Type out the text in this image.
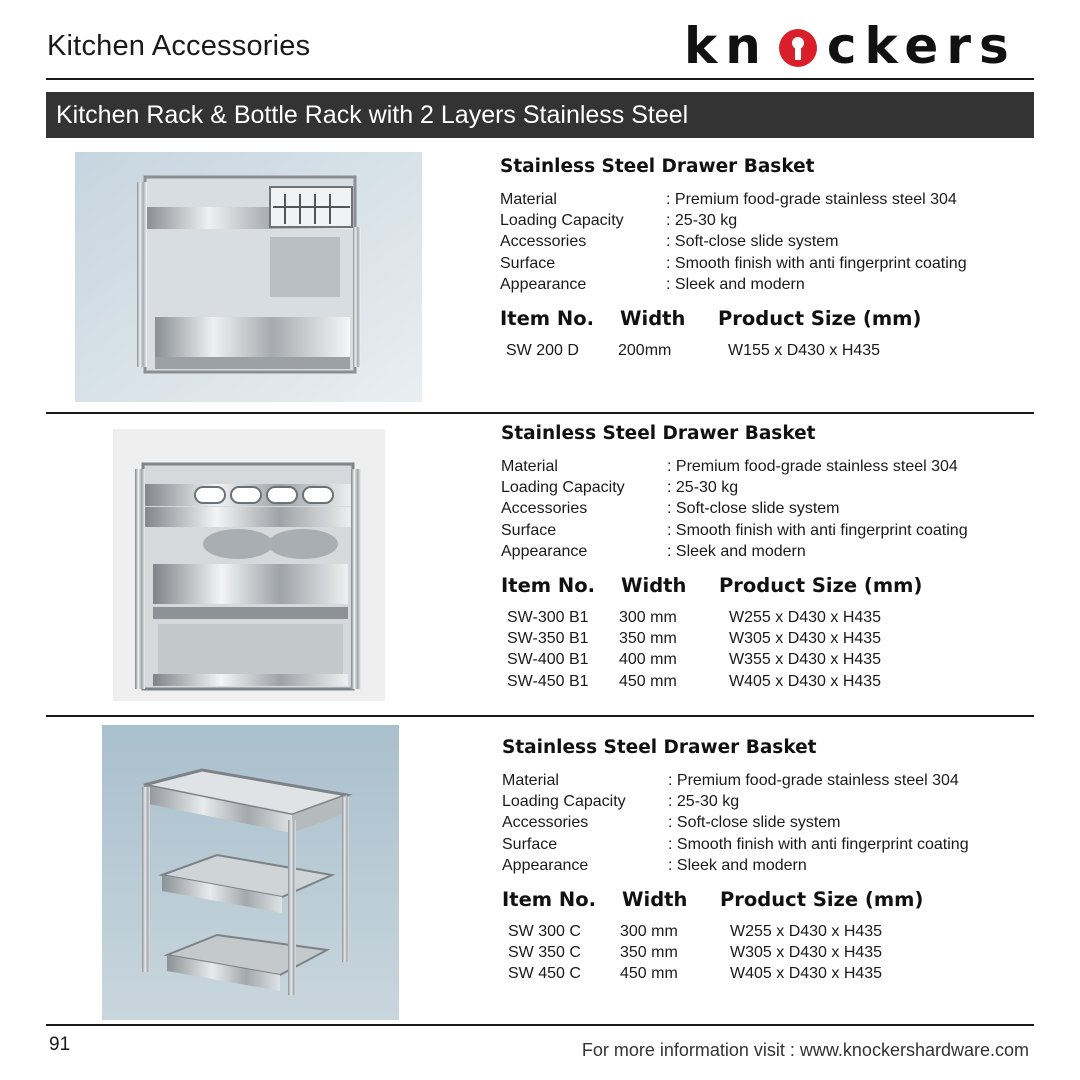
Kitchen Accessories	kn ckers
Kitchen Rack & Bottle Rack with 2 Layers Stainless Steel
Stainless Steel Drawer Basket
Material	: Premium food-grade stainless steel 304
Loading Capacity	: 25-30 kg
Accessories	: Soft-close slide system
Surface	: Smooth finish with anti fingerprint coating
Appearance	: Sleek and modern
Item No.	Width	Product Size (mm)
SW 200 D	200mm	W155 x D430 x H435
Stainless Steel Drawer Basket
Material	: Premium food-grade stainless steel 304
Loading Capacity	: 25-30 kg
Accessories	: Soft-close slide system
Surface	: Smooth finish with anti fingerprint coating
Appearance	: Sleek and modern
Item No.	Width	Product Size (mm)
SW-300 B1	300 mm	W255 x D430 x H435
SW-350 B1	350 mm	W305 x D430 x H435
SW-400 B1	400 mm	W355 x D430 x H435
SW-450 B1	450 mm	W405 x D430 x H435
Stainless Steel Drawer Basket
Material	: Premium food-grade stainless steel 304
Loading Capacity	: 25-30 kg
Accessories	: Soft-close slide system
Surface	: Smooth finish with anti fingerprint coating
Appearance	: Sleek and modern
Item No.	Width	Product Size (mm)
SW 300 C	300 mm	W255 x D430 x H435
SW 350 C	350 mm	W305 x D430 x H435
SW 450 C	450 mm	W405 x D430 x H435
91	For more information visit : www.knockershardware.com
